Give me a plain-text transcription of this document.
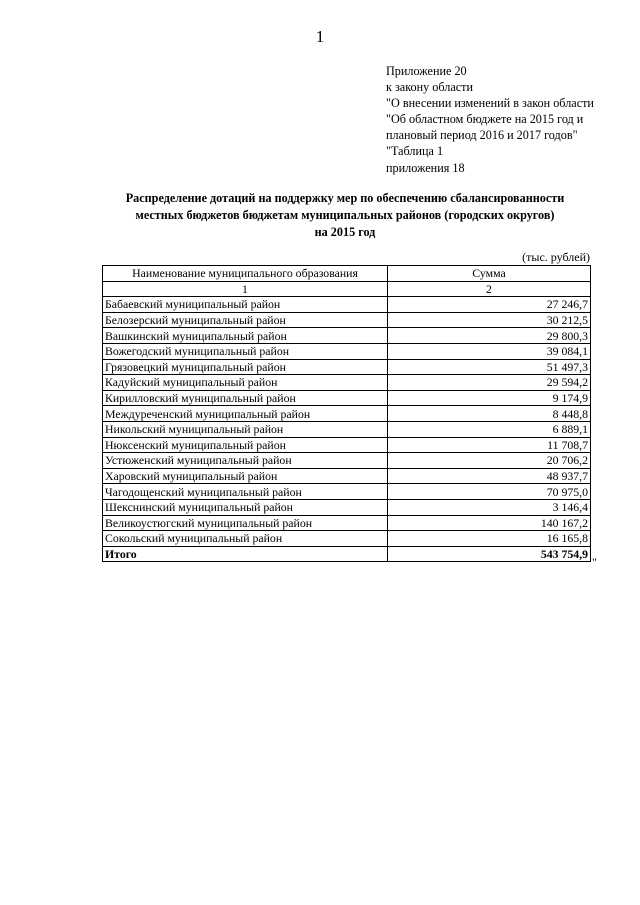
1
Приложение 20
к закону области
"О внесении изменений в закон области
"Об областном бюджете на 2015 год и
плановый период 2016 и 2017 годов"
"Таблица 1
приложения 18
Распределение дотаций на поддержку мер по обеспечению сбалансированности
местных бюджетов бюджетам муниципальных районов (городских округов)
на 2015 год
(тыс. рублей)
Наименование муниципального образования	Сумма
1	2
Бабаевский муниципальный район	27 246,7
Белозерский муниципальный район	30 212,5
Вашкинский муниципальный район	29 800,3
Вожегодский муниципальный район	39 084,1
Грязовецкий муниципальный район	51 497,3
Кадуйский муниципальный район	29 594,2
Кирилловский муниципальный район	9 174,9
Междуреченский муниципальный район	8 448,8
Никольский муниципальный район	6 889,1
Нюксенский муниципальный район	11 708,7
Устюженский муниципальный район	20 706,2
Харовский муниципальный район	48 937,7
Чагодощенский муниципальный район	70 975,0
Шекснинский муниципальный район	3 146,4
Великоустюгский муниципальный район	140 167,2
Сокольский муниципальный район	16 165,8
Итого	543 754,9
"
